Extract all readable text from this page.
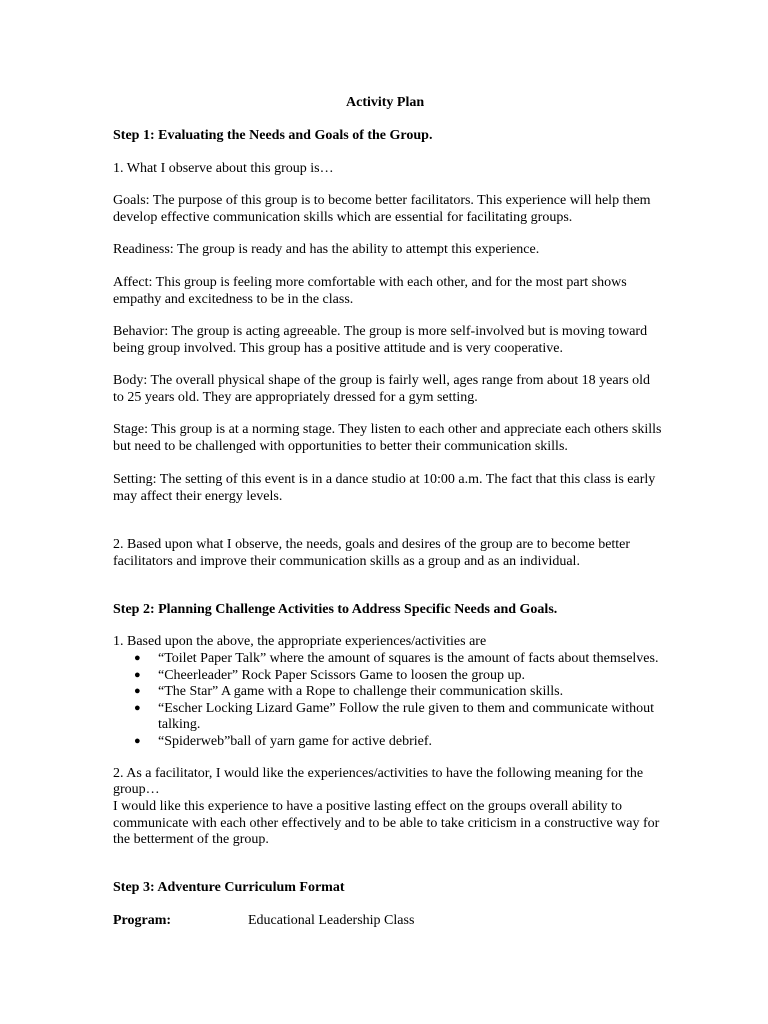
Activity Plan
Step 1: Evaluating the Needs and Goals of the Group.
1. What I observe about this group is…
Goals: The purpose of this group is to become better facilitators. This experience will help them
develop effective communication skills which are essential for facilitating groups.
Readiness: The group is ready and has the ability to attempt this experience.
Affect: This group is feeling more comfortable with each other, and for the most part shows
empathy and excitedness to be in the class.
Behavior: The group is acting agreeable. The group is more self-involved but is moving toward
being group involved. This group has a positive attitude and is very cooperative.
Body: The overall physical shape of the group is fairly well, ages range from about 18 years old
to 25 years old. They are appropriately dressed for a gym setting.
Stage: This group is at a norming stage. They listen to each other and appreciate each others skills
but need to be challenged with opportunities to better their communication skills.
Setting: The setting of this event is in a dance studio at 10:00 a.m. The fact that this class is early
may affect their energy levels.
2. Based upon what I observe, the needs, goals and desires of the group are to become better
facilitators and improve their communication skills as a group and as an individual.
Step 2: Planning Challenge Activities to Address Specific Needs and Goals.
1. Based upon the above, the appropriate experiences/activities are
● “Toilet Paper Talk” where the amount of squares is the amount of facts about themselves.
● “Cheerleader” Rock Paper Scissors Game to loosen the group up.
● “The Star” A game with a Rope to challenge their communication skills.
● “Escher Locking Lizard Game” Follow the rule given to them and communicate without
talking.
● “Spiderweb”ball of yarn game for active debrief.
2. As a facilitator, I would like the experiences/activities to have the following meaning for the
group…
I would like this experience to have a positive lasting effect on the groups overall ability to
communicate with each other effectively and to be able to take criticism in a constructive way for
the betterment of the group.
Step 3: Adventure Curriculum Format
Program:	Educational Leadership Class
